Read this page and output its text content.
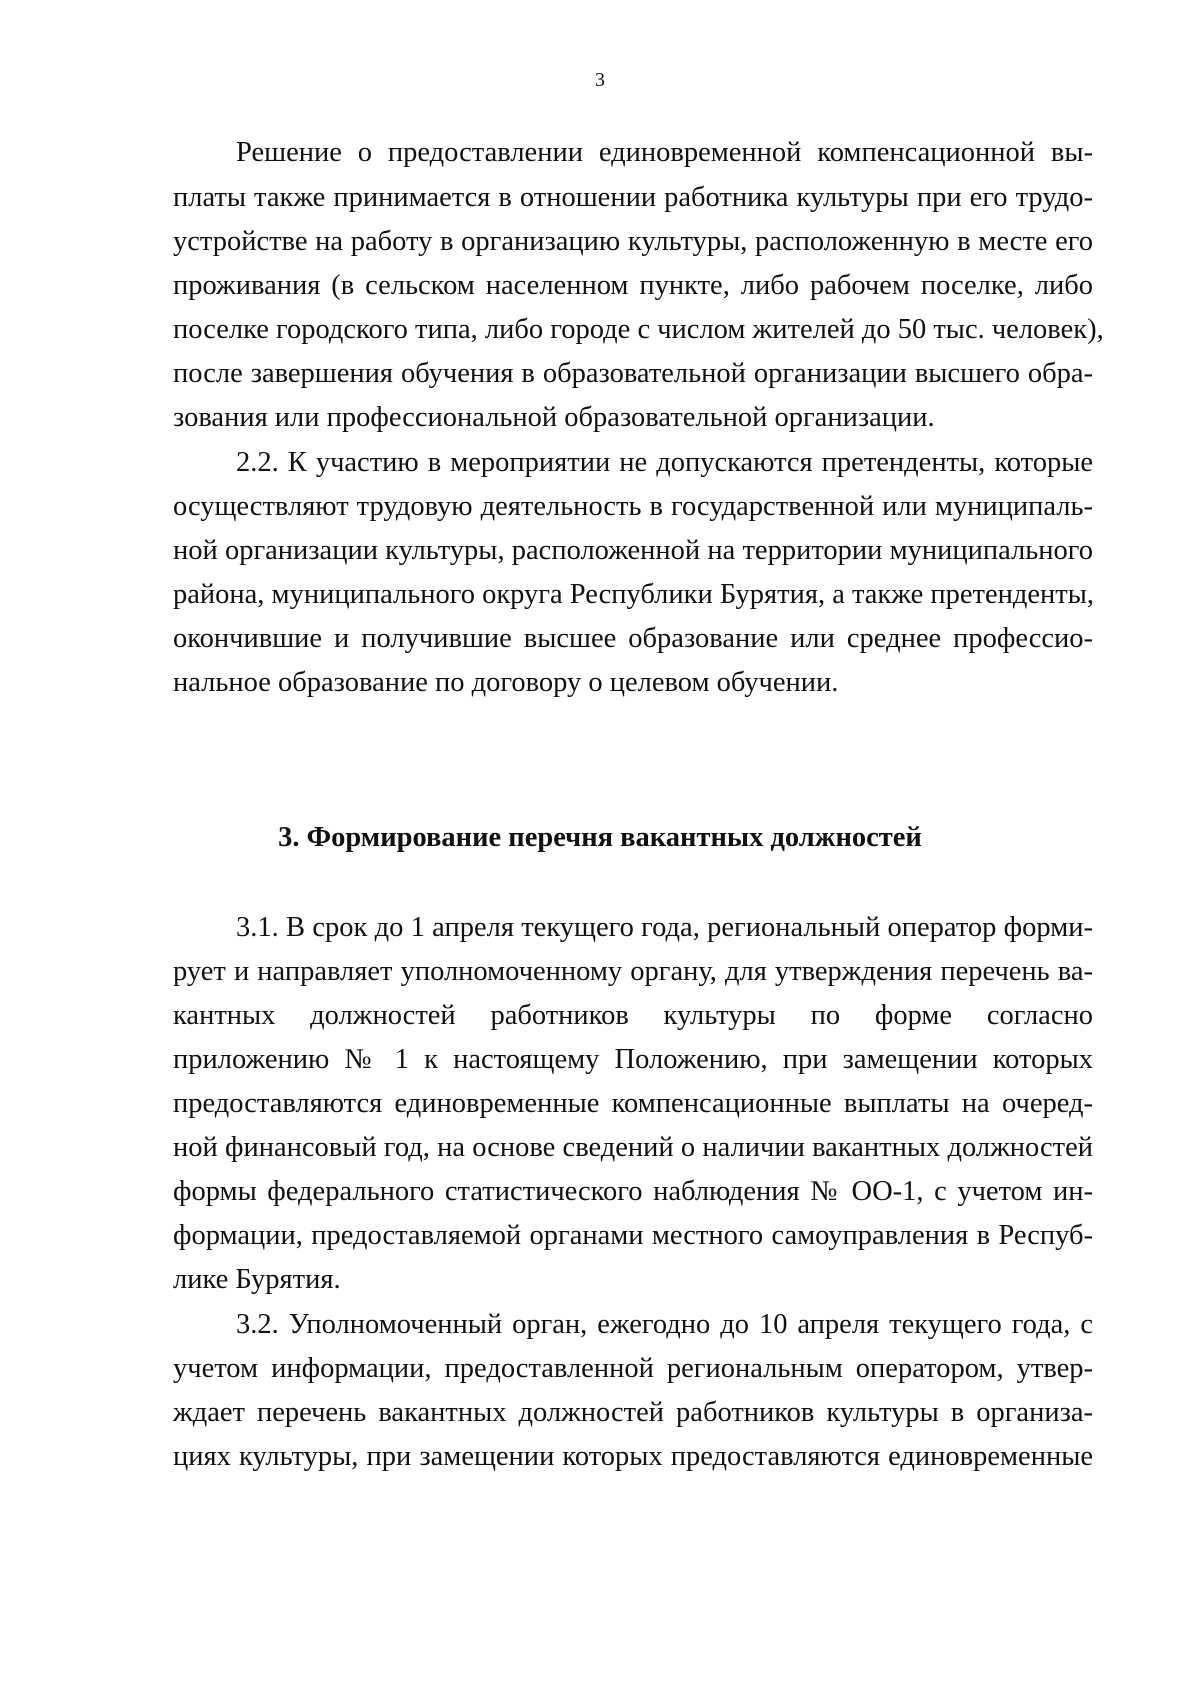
3
Решение о предоставлении единовременной компенсационной вы-
платы также принимается в отношении работника культуры при его трудо-
устройстве на работу в организацию культуры, расположенную в месте его
проживания (в сельском населенном пункте, либо рабочем поселке, либо
поселке городского типа, либо городе с числом жителей до 50 тыс. человек),
после завершения обучения в образовательной организации высшего обра-
зования или профессиональной образовательной организации.
2.2. К участию в мероприятии не допускаются претенденты, которые
осуществляют трудовую деятельность в государственной или муниципаль-
ной организации культуры, расположенной на территории муниципального
района, муниципального округа Республики Бурятия, а также претенденты,
окончившие и получившие высшее образование или среднее профессио-
нальное образование по договору о целевом обучении.
3. Формирование перечня вакантных должностей
3.1. В срок до 1 апреля текущего года, региональный оператор форми-
рует и направляет уполномоченному органу, для утверждения перечень ва-
кантных должностей работников культуры по форме согласно
приложению № 1 к настоящему Положению, при замещении которых
предоставляются единовременные компенсационные выплаты на очеред-
ной финансовый год, на основе сведений о наличии вакантных должностей
формы федерального статистического наблюдения № ОО-1, с учетом ин-
формации, предоставляемой органами местного самоуправления в Респуб-
лике Бурятия.
3.2. Уполномоченный орган, ежегодно до 10 апреля текущего года, с
учетом информации, предоставленной региональным оператором, утвер-
ждает перечень вакантных должностей работников культуры в организа-
циях культуры, при замещении которых предоставляются единовременные
